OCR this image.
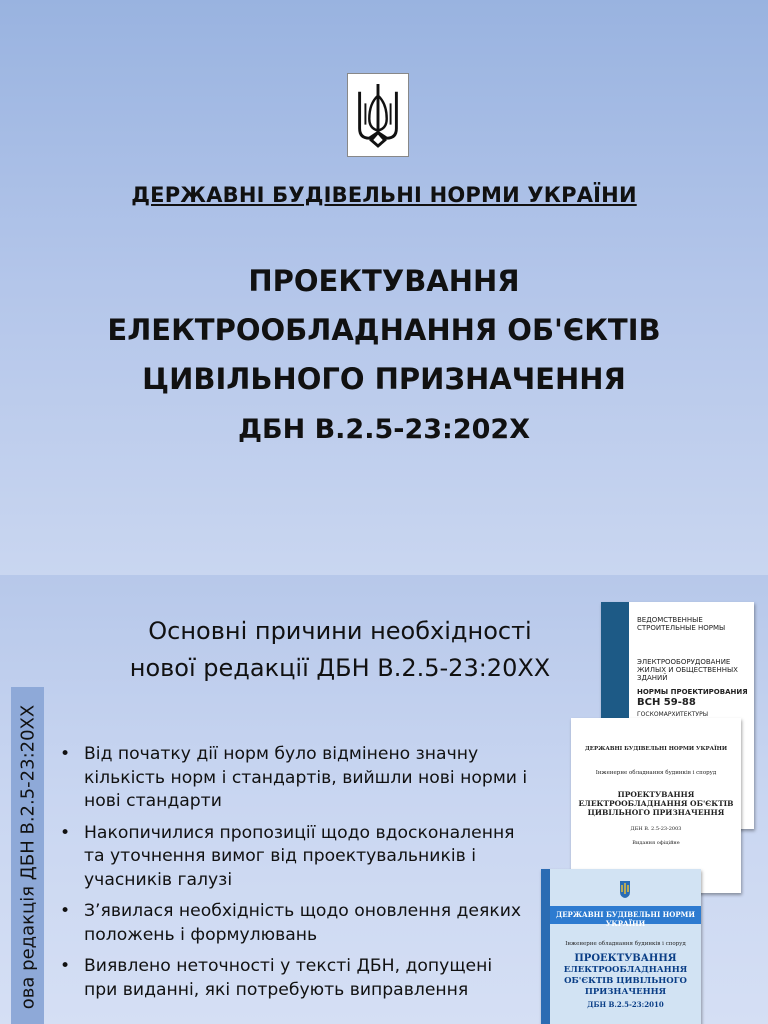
ДЕРЖАВНІ БУДІВЕЛЬНІ НОРМИ УКРАЇНИ
ПРОЕКТУВАННЯ
ЕЛЕКТРООБЛАДНАННЯ ОБ'ЄКТІВ
ЦИВІЛЬНОГО ПРИЗНАЧЕННЯ
ДБН В.2.5-23:202Х
Основні причини необхідності
нової редакції ДБН В.2.5-23:20XX
ова редакція ДБН В.2.5-23:20XX
•	Від початку дії норм було відмінено значну кількість норм і стандартів, вийшли нові норми і нові стандарти
• Накопичилися пропозиції щодо вдосконалення та уточнення вимог від проектувальників і учасників галузі
• З’явилася необхідність щодо оновлення деяких положень і формулювань
• Виявлено неточності у тексті ДБН, допущені при виданні, які потребують виправлення
ВЕДОМСТВЕННЫЕ
СТРОИТЕЛЬНЫЕ НОРМЫ
ЭЛЕКТРООБОРУДОВАНИЕ
ЖИЛЫХ И ОБЩЕСТВЕННЫХ
ЗДАНИЙ
НОРМЫ ПРОЕКТИРОВАНИЯ
ВСН 59-88
ГОСКОМАРХИТЕКТУРЫ
ДЕРЖАВНІ БУДІВЕЛЬНІ НОРМИ УКРАЇНИ
Інженерне обладнання будинків і споруд
ПРОЕКТУВАННЯ
ЕЛЕКТРООБЛАДНАННЯ ОБ'ЄКТІВ
ЦИВІЛЬНОГО ПРИЗНАЧЕННЯ
ДБН В. 2.5-23-2003
Видання офіційне
ДЕРЖАВНІ БУДІВЕЛЬНІ НОРМИ УКРАЇНИ
Інженерне обладнання будинків і споруд
ПРОЕКТУВАННЯ
ЕЛЕКТРООБЛАДНАННЯ
ОБ'ЄКТІВ ЦИВІЛЬНОГО
ПРИЗНАЧЕННЯ
ДБН В.2.5-23:2010
